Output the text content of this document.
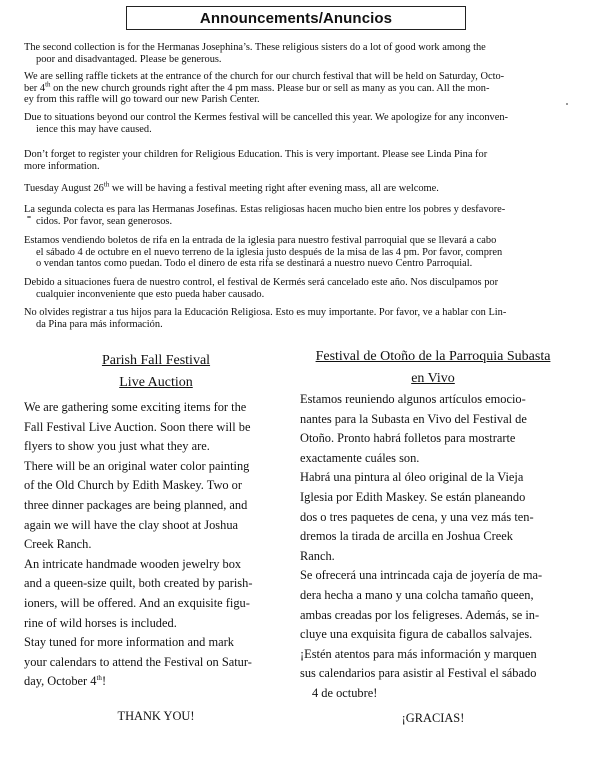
Announcements/Anuncios
The second collection is for the Hermanas Josephina’s. These religious sisters do a lot of good work among the
poor and disadvantaged. Please be generous.
We are selling raffle tickets at the entrance of the church for our church festival that will be held on Saturday, Octo-
ber 4th on the new church grounds right after the 4 pm mass. Please bur or sell as many as you can. All the mon-
ey from this raffle will go toward our new Parish Center.
Due to situations beyond our control the Kermes festival will be cancelled this year. We apologize for any inconven-
ience this may have caused.
Don’t forget to register your children for Religious Education. This is very important. Please see Linda Pina for
more information.
Tuesday August 26th we will be having a festival meeting right after evening mass, all are welcome.
La segunda colecta es para las Hermanas Josefinas. Estas religiosas hacen mucho bien entre los pobres y desfavore-
cidos. Por favor, sean generosos.
Estamos vendiendo boletos de rifa en la entrada de la iglesia para nuestro festival parroquial que se llevará a cabo
el sábado 4 de octubre en el nuevo terreno de la iglesia justo después de la misa de las 4 pm. Por favor, compren
o vendan tantos como puedan. Todo el dinero de esta rifa se destinará a nuestro nuevo Centro Parroquial.
Debido a situaciones fuera de nuestro control, el festival de Kermés será cancelado este año. Nos disculpamos por
cualquier inconveniente que esto pueda haber causado.
No olvides registrar a tus hijos para la Educación Religiosa. Esto es muy importante. Por favor, ve a hablar con Lin-
da Pina para más información.
Parish Fall Festival
Live Auction

We are gathering some exciting items for the
Fall Festival Live Auction. Soon there will be
flyers to show you just what they are.

There will be an original water color painting
of the Old Church by Edith Maskey. Two or
three dinner packages are being planned, and
again we will have the clay shoot at Joshua
Creek Ranch.

An intricate handmade wooden jewelry box
and a queen-size quilt, both created by parish-
ioners, will be offered. And an exquisite figu-
rine of wild horses is included.

Stay tuned for more information and mark
your calendars to attend the Festival on Satur-
day, October 4th!

THANK YOU!
Festival de Otoño de la Parroquia Subasta
en Vivo

Estamos reuniendo algunos artículos emocio-
nantes para la Subasta en Vivo del Festival de
Otoño. Pronto habrá folletos para mostrarte
exactamente cuáles son.

Habrá una pintura al óleo original de la Vieja
Iglesia por Edith Maskey. Se están planeando
dos o tres paquetes de cena, y una vez más ten-
dremos la tirada de arcilla en Joshua Creek
Ranch.

Se ofrecerá una intrincada caja de joyería de ma-
dera hecha a mano y una colcha tamaño queen,
ambas creadas por los feligreses. Además, se in-
cluye una exquisita figura de caballos salvajes.

¡Estén atentos para más información y marquen
sus calendarios para asistir al Festival el sábado
4 de octubre!

¡GRACIAS!
